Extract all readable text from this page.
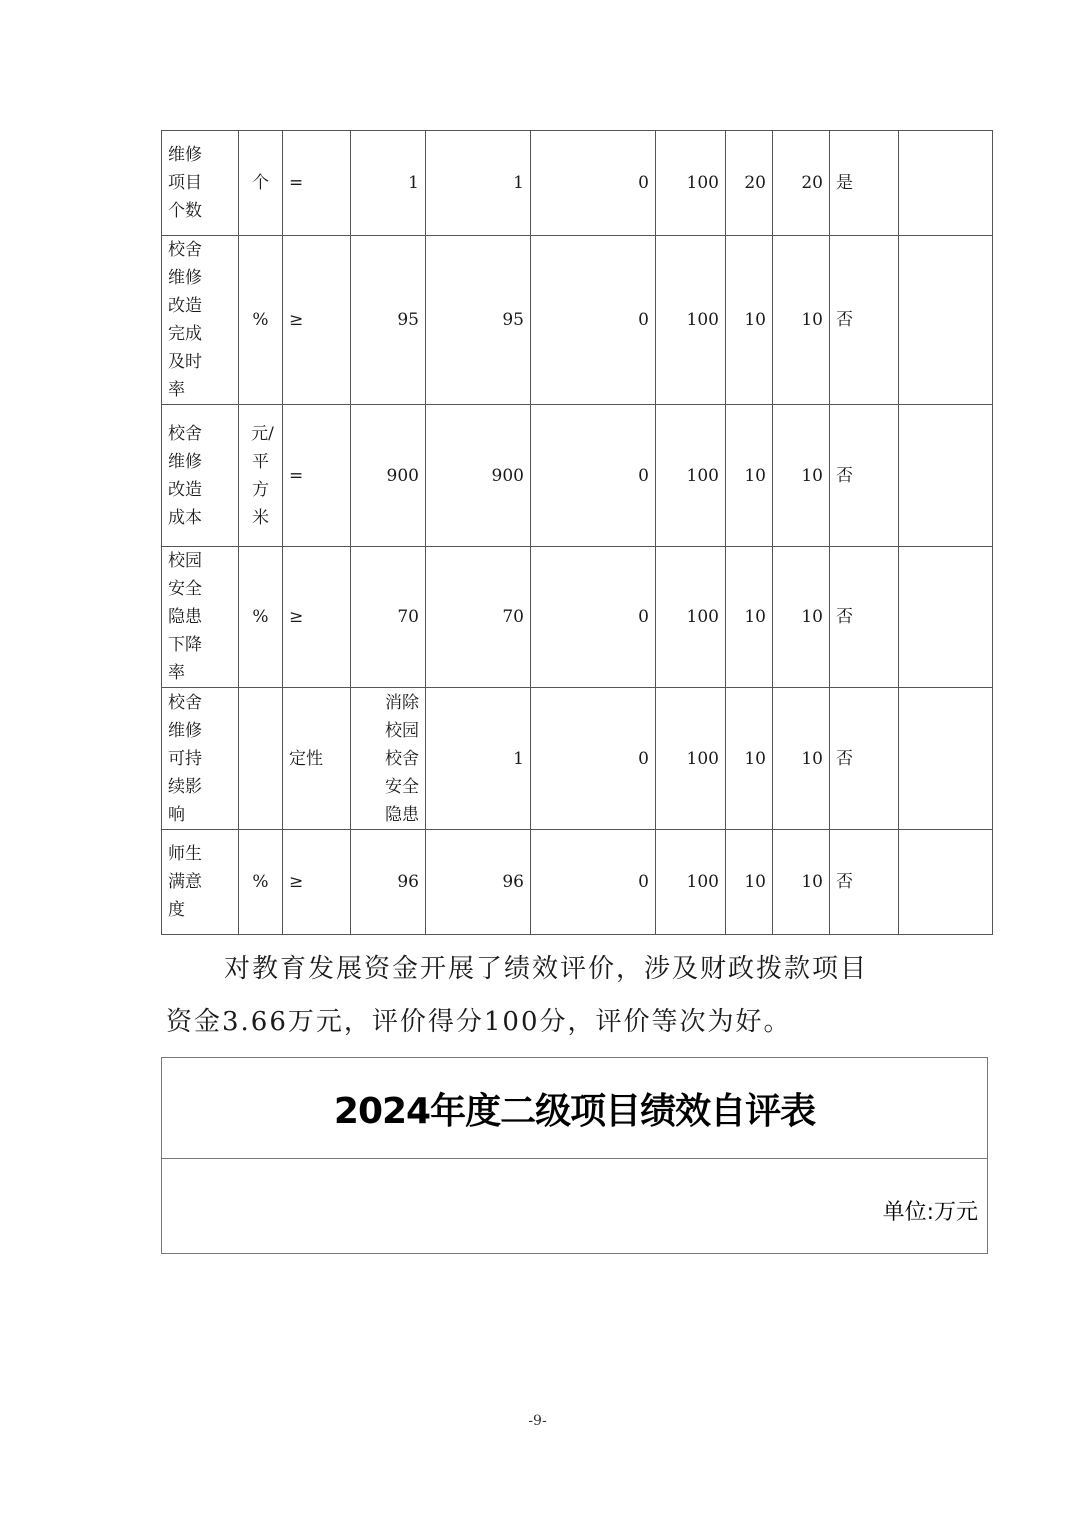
维修项目个数	个	=	1	1	0	100	20	20	是	
校舍维修改造完成及时率	%	≥	95	95	0	100	10	10	否	
校舍维修改造成本	元/平方米	=	900	900	0	100	10	10	否	
校园安全隐患下降率	%	≥	70	70	0	100	10	10	否	
校舍维修可持续影响		定性	消除校园校舍安全隐患	1	0	100	10	10	否	
师生满意度	%	≥	96	96	0	100	10	10	否	
对教育发展资金开展了绩效评价，涉及财政拨款项目
资金3.66万元，评价得分100分，评价等次为好。
2024年度二级项目绩效自评表
单位:万元
-9-
